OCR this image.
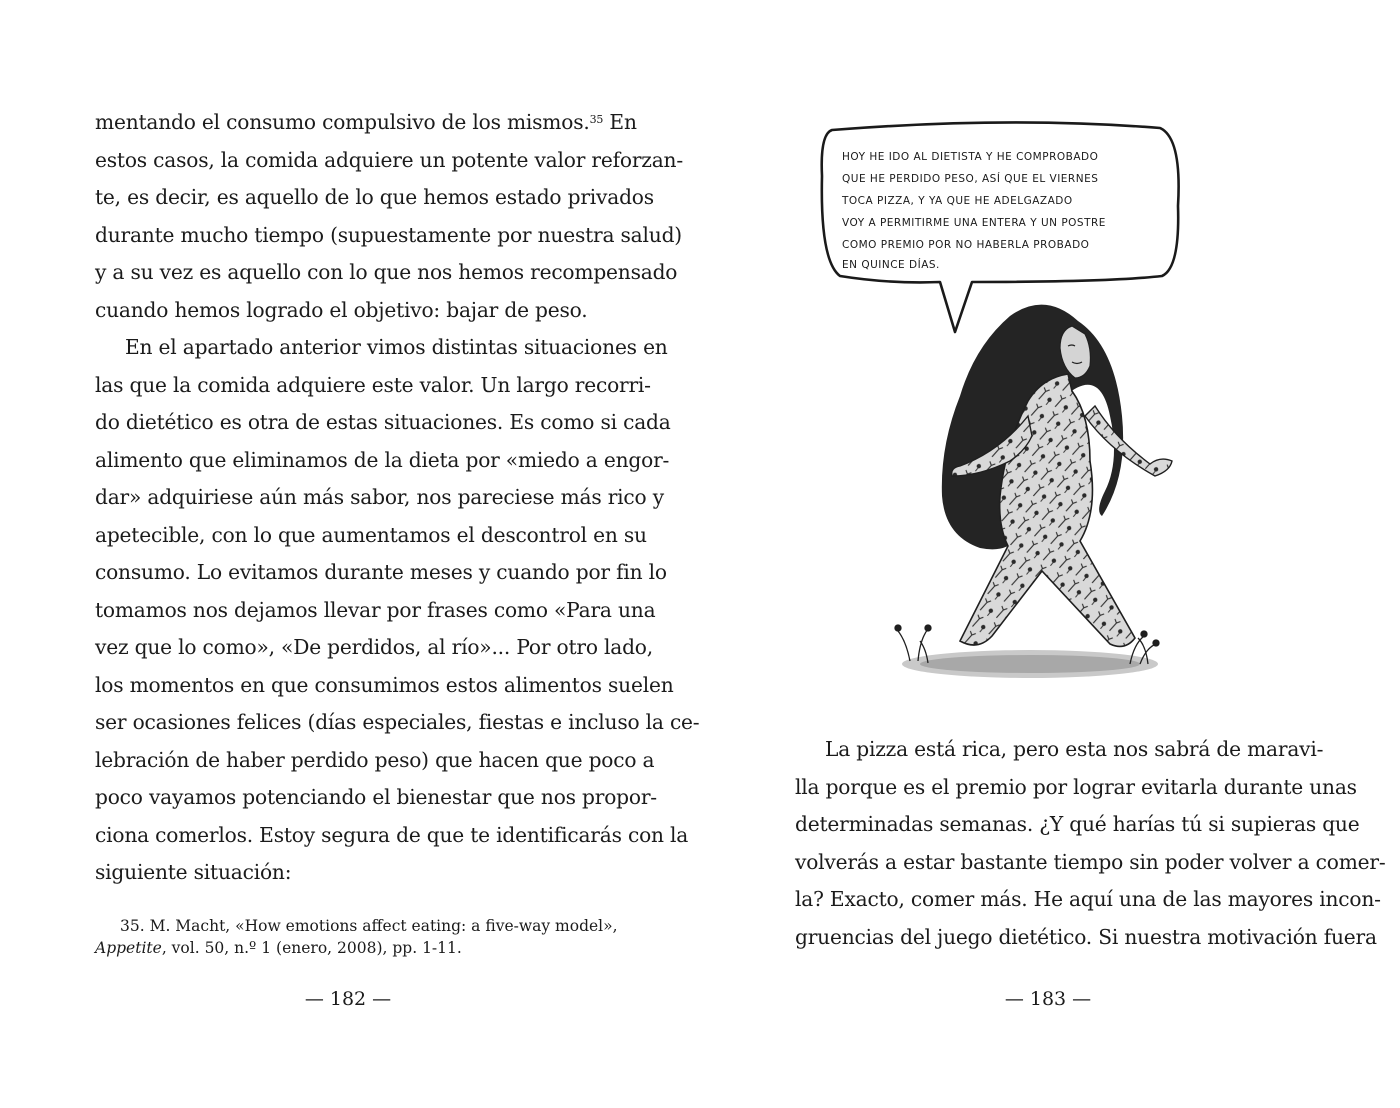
mentando el consumo compulsivo de los mismos.$^{35}$ En
estos casos, la comida adquiere un potente valor reforzan-
te, es decir, es aquello de lo que hemos estado privados
durante mucho tiempo (supuestamente por nuestra salud)
y a su vez es aquello con lo que nos hemos recompensado
cuando hemos logrado el objetivo: bajar de peso.
En el apartado anterior vimos distintas situaciones en
las que la comida adquiere este valor. Un largo recorri-
do dietético es otra de estas situaciones. Es como si cada
alimento que eliminamos de la dieta por «miedo a engor-
dar» adquiriese aún más sabor, nos pareciese más rico y
apetecible, con lo que aumentamos el descontrol en su
consumo. Lo evitamos durante meses y cuando por fin lo
tomamos nos dejamos llevar por frases como «Para una
vez que lo como», «De perdidos, al río»... Por otro lado,
los momentos en que consumimos estos alimentos suelen
ser ocasiones felices (días especiales, fiestas e incluso la ce-
lebración de haber perdido peso) que hacen que poco a
poco vayamos potenciando el bienestar que nos propor-
ciona comerlos. Estoy segura de que te identificarás con la
siguiente situación:
35. M. Macht, «How emotions affect eating: a five-way model»,
Appetite, vol. 50, n.º 1 (enero, 2008), pp. 1-11.
— 182 —
HOY HE IDO AL DIETISTA Y HE COMPROBADO QUE HE PERDIDO PESO, ASÍ QUE EL VIERNES TOCA PIZZA, Y YA QUE HE ADELGAZADO VOY A PERMITIRME UNA ENTERA Y UN POSTRE COMO PREMIO POR NO HABERLA PROBADO EN QUINCE DÍAS.
La pizza está rica, pero esta nos sabrá de maravi-
lla porque es el premio por lograr evitarla durante unas
determinadas semanas. ¿Y qué harías tú si supieras que
volverás a estar bastante tiempo sin poder volver a comer-
la? Exacto, comer más. He aquí una de las mayores incon-
gruencias del juego dietético. Si nuestra motivación fuera
— 183 —
